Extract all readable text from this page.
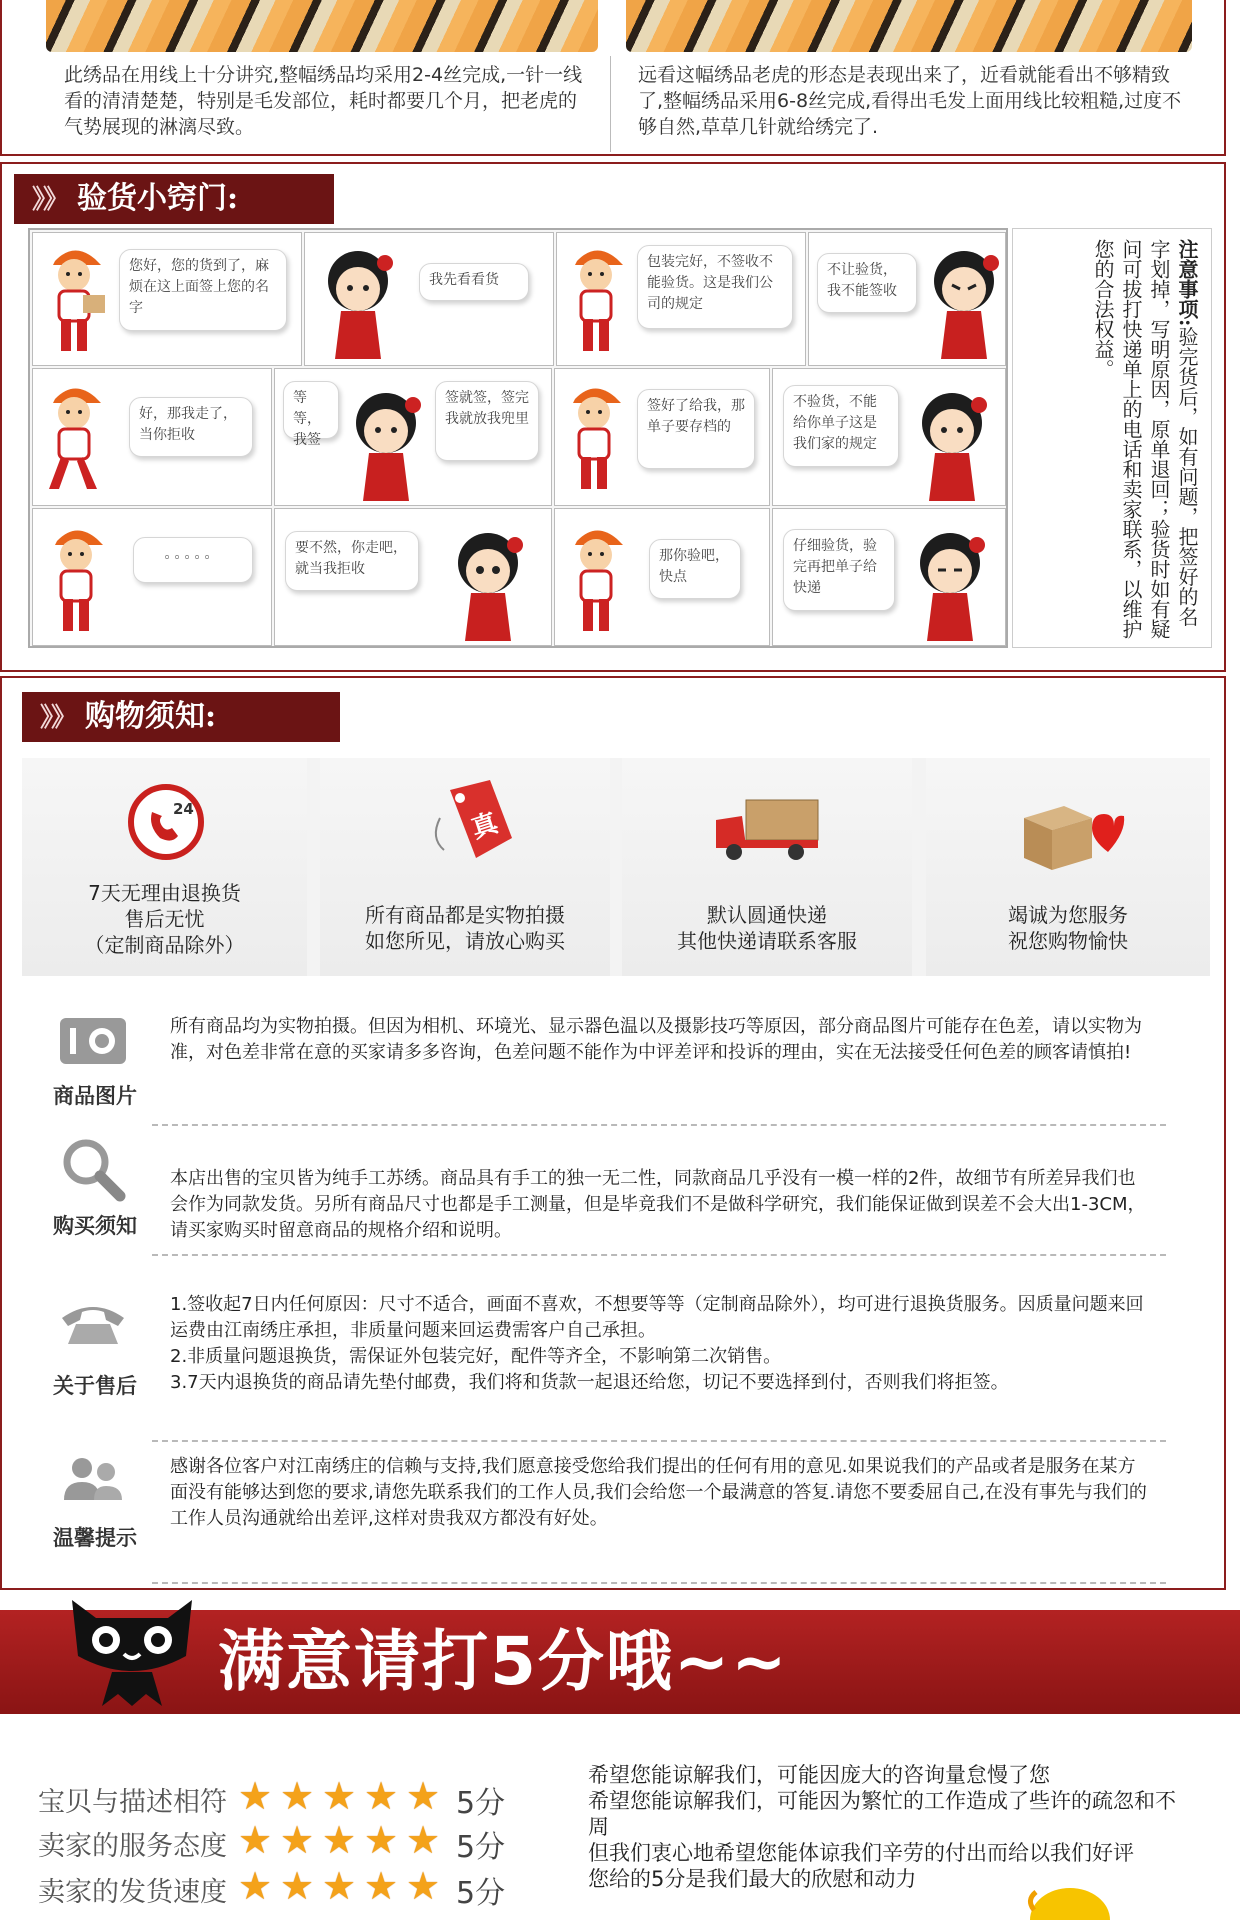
此绣品在用线上十分讲究,整幅绣品均采用2-4丝完成,一针一线看的清清楚楚，特别是毛发部位，耗时都要几个月，把老虎的气势展现的淋漓尽致。
远看这幅绣品老虎的形态是表现出来了，近看就能看出不够精致了,整幅绣品采用6-8丝完成,看得出毛发上面用线比较粗糙,过度不够自然,草草几针就给绣完了.
》》 验货小窍门:
您好，您的货到了，麻烦在这上面签上您的名字
我先看看货
包装完好，不签收不能验货。这是我们公司的规定
不让验货，我不能签收
好，那我走了，当你拒收
等等，我签
签就签，签完我就放我兜里
签好了给我，那单子要存档的
不验货，不能给你单子这是我们家的规定
。。。。。	要不然，你走吧，就当我拒收
那你验吧，快点
仔细验货，验完再把单子给快递
注意事项:验完货后，如有问题，把签好的名字划掉，写明原因，原单退回；验货时如有疑问可拔打快递单上的电话和卖家联系，以维护您的合法权益。
》》 购物须知:
24
7天无理由退换货
售后无忧
（定制商品除外）
真
所有商品都是实物拍摄
如您所见，请放心购买
默认圆通快递
其他快递请联系客服
竭诚为您服务
祝您购物愉快
商品图片
所有商品均为实物拍摄。但因为相机、环境光、显示器色温以及摄影技巧等原因，部分商品图片可能存在色差，请以实物为准，对色差非常在意的买家请多多咨询，色差问题不能作为中评差评和投诉的理由，实在无法接受任何色差的顾客请慎拍!
购买须知
本店出售的宝贝皆为纯手工苏绣。商品具有手工的独一无二性，同款商品几乎没有一模一样的2件，故细节有所差异我们也会作为同款发货。另所有商品尺寸也都是手工测量，但是毕竟我们不是做科学研究，我们能保证做到误差不会大出1-3CM，请买家购买时留意商品的规格介绍和说明。
关于售后
1.签收起7日内任何原因：尺寸不适合，画面不喜欢，不想要等等（定制商品除外），均可进行退换货服务。因质量问题来回运费由江南绣庄承担，非质量问题来回运费需客户自己承担。
2.非质量问题退换货，需保证外包装完好，配件等齐全，不影响第二次销售。
3.7天内退换货的商品请先垫付邮费，我们将和货款一起退还给您，切记不要选择到付，否则我们将拒签。
温馨提示
感谢各位客户对江南绣庄的信赖与支持,我们愿意接受您给我们提出的任何有用的意见.如果说我们的产品或者是服务在某方面没有能够达到您的要求,请您先联系我们的工作人员,我们会给您一个最满意的答复.请您不要委屈自己,在没有事先与我们的工作人员沟通就给出差评,这样对贵我双方都没有好处。
满意请打5分哦~~
宝贝与描述相符 ★ ★ ★ ★ ★ 5分
卖家的服务态度 ★ ★ ★ ★ ★ 5分
卖家的发货速度 ★ ★ ★ ★ ★ 5分
希望您能谅解我们，可能因庞大的咨询量怠慢了您
希望您能谅解我们，可能因为繁忙的工作造成了些许的疏忽和不周
但我们衷心地希望您能体谅我们辛劳的付出而给以我们好评
您给的5分是我们最大的欣慰和动力
